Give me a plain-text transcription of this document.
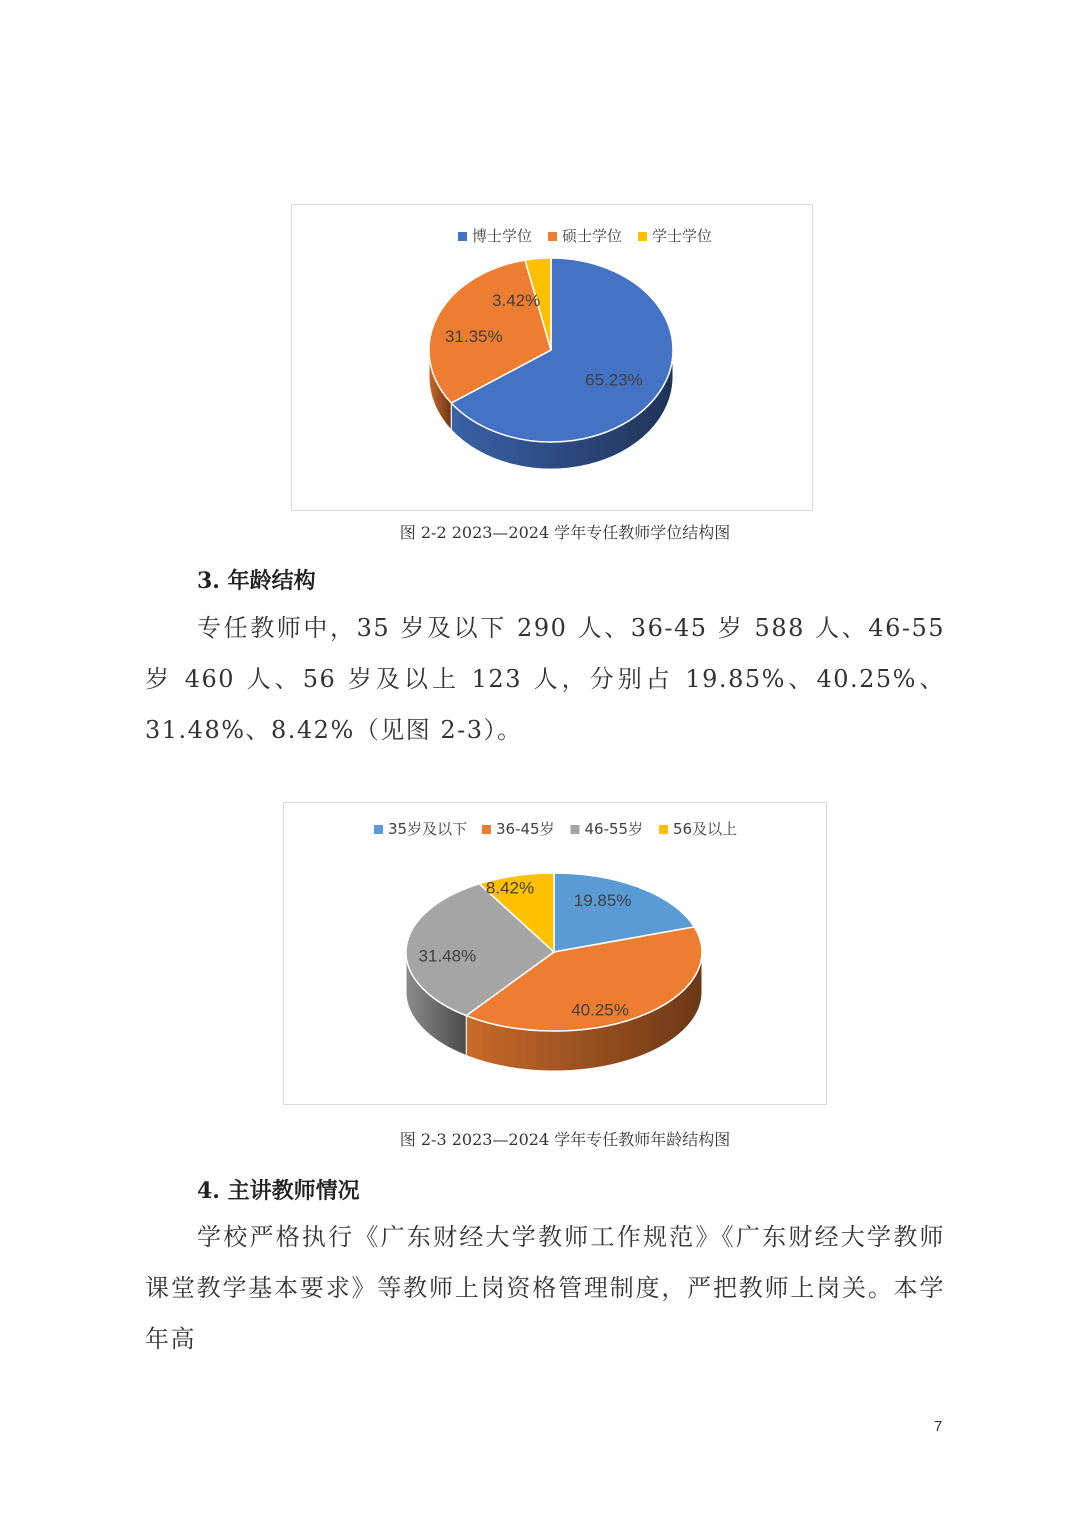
博士学位 硕士学位 学士学位
65.23%
31.35%
3.42%
图 2-2 2023—2024 学年专任教师学位结构图
3. 年龄结构
专任教师中，35 岁及以下 290 人、36-45 岁 588 人、46-55 岁 460 人、56 岁及以上 123 人，分别占 19.85%、40.25%、31.48%、8.42%（见图 2-3）。
35岁及以下 36-45岁 46-55岁 56及以上
19.85%
40.25%
31.48%
8.42%
图 2-3 2023—2024 学年专任教师年龄结构图
4. 主讲教师情况
学校严格执行《广东财经大学教师工作规范》《广东财经大学教师课堂教学基本要求》等教师上岗资格管理制度，严把教师上岗关。本学年高
7
